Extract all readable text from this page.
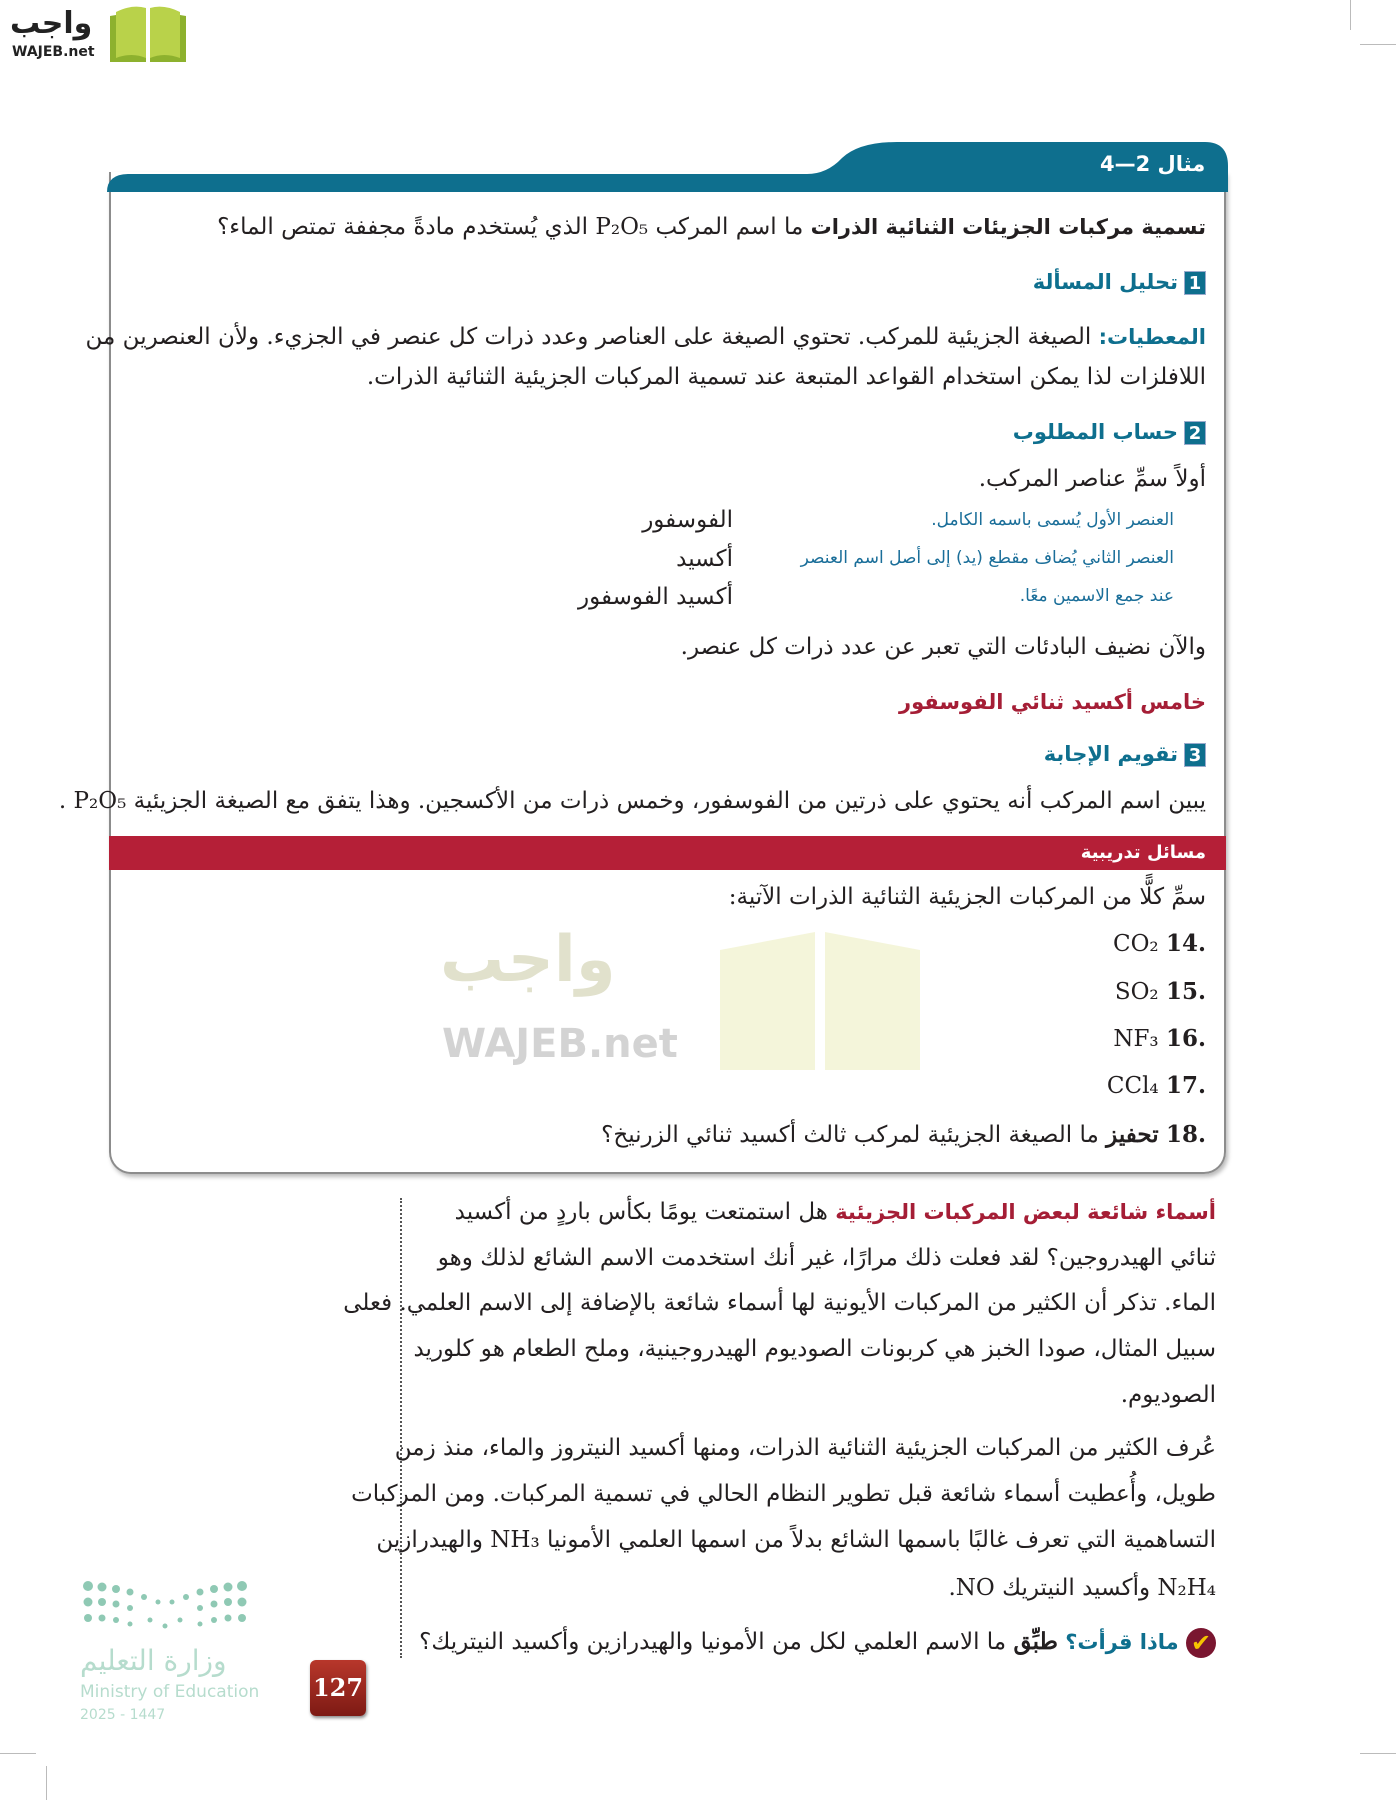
واجب
WAJEB.net
مثال 2—4
تسمية مركبات الجزيئات الثنائية الذرات ما اسم المركب P₂O₅ الذي يُستخدم مادةً مجففة تمتص الماء؟
1تحليل المسألة
المعطيات: الصيغة الجزيئية للمركب. تحتوي الصيغة على العناصر وعدد ذرات كل عنصر في الجزيء. ولأن العنصرين من
اللافلزات لذا يمكن استخدام القواعد المتبعة عند تسمية المركبات الجزيئية الثنائية الذرات.
2حساب المطلوب
أولاً سمِّ عناصر المركب.
العنصر الأول يُسمى باسمه الكامل.
الفوسفور
العنصر الثاني يُضاف مقطع (يد) إلى أصل اسم العنصر
أكسيد
عند جمع الاسمين معًا.
أكسيد الفوسفور
والآن نضيف البادئات التي تعبر عن عدد ذرات كل عنصر.
خامس أكسيد ثنائي الفوسفور
3تقويم الإجابة
يبين اسم المركب أنه يحتوي على ذرتين من الفوسفور، وخمس ذرات من الأكسجين. وهذا يتفق مع الصيغة الجزيئية P₂O₅ .
مسائل تدريبية
واجب
WAJEB.net
سمِّ كلًّا من المركبات الجزيئية الثنائية الذرات الآتية:
.14 CO₂
.15 SO₂
.16 NF₃
.17 CCl₄
.18 تحفيز ما الصيغة الجزيئية لمركب ثالث أكسيد ثنائي الزرنيخ؟
أسماء شائعة لبعض المركبات الجزيئية هل استمتعت يومًا بكأس باردٍ من أكسيد
ثنائي الهيدروجين؟ لقد فعلت ذلك مرارًا، غير أنك استخدمت الاسم الشائع لذلك وهو
الماء. تذكر أن الكثير من المركبات الأيونية لها أسماء شائعة بالإضافة إلى الاسم العلمي. فعلى
سبيل المثال، صودا الخبز هي كربونات الصوديوم الهيدروجينية، وملح الطعام هو كلوريد
الصوديوم.
عُرف الكثير من المركبات الجزيئية الثنائية الذرات، ومنها أكسيد النيتروز والماء، منذ زمن
طويل، وأُعطيت أسماء شائعة قبل تطوير النظام الحالي في تسمية المركبات. ومن المركبات
التساهمية التي تعرف غالبًا باسمها الشائع بدلاً من اسمها العلمي الأمونيا NH₃ والهيدرازين
N₂H₄ وأكسيد النيتريك NO.
✔ ماذا قرأت؟ طبِّق ما الاسم العلمي لكل من الأمونيا والهيدرازين وأكسيد النيتريك؟
وزارة التعليم
Ministry of Education
2025 - 1447
127
